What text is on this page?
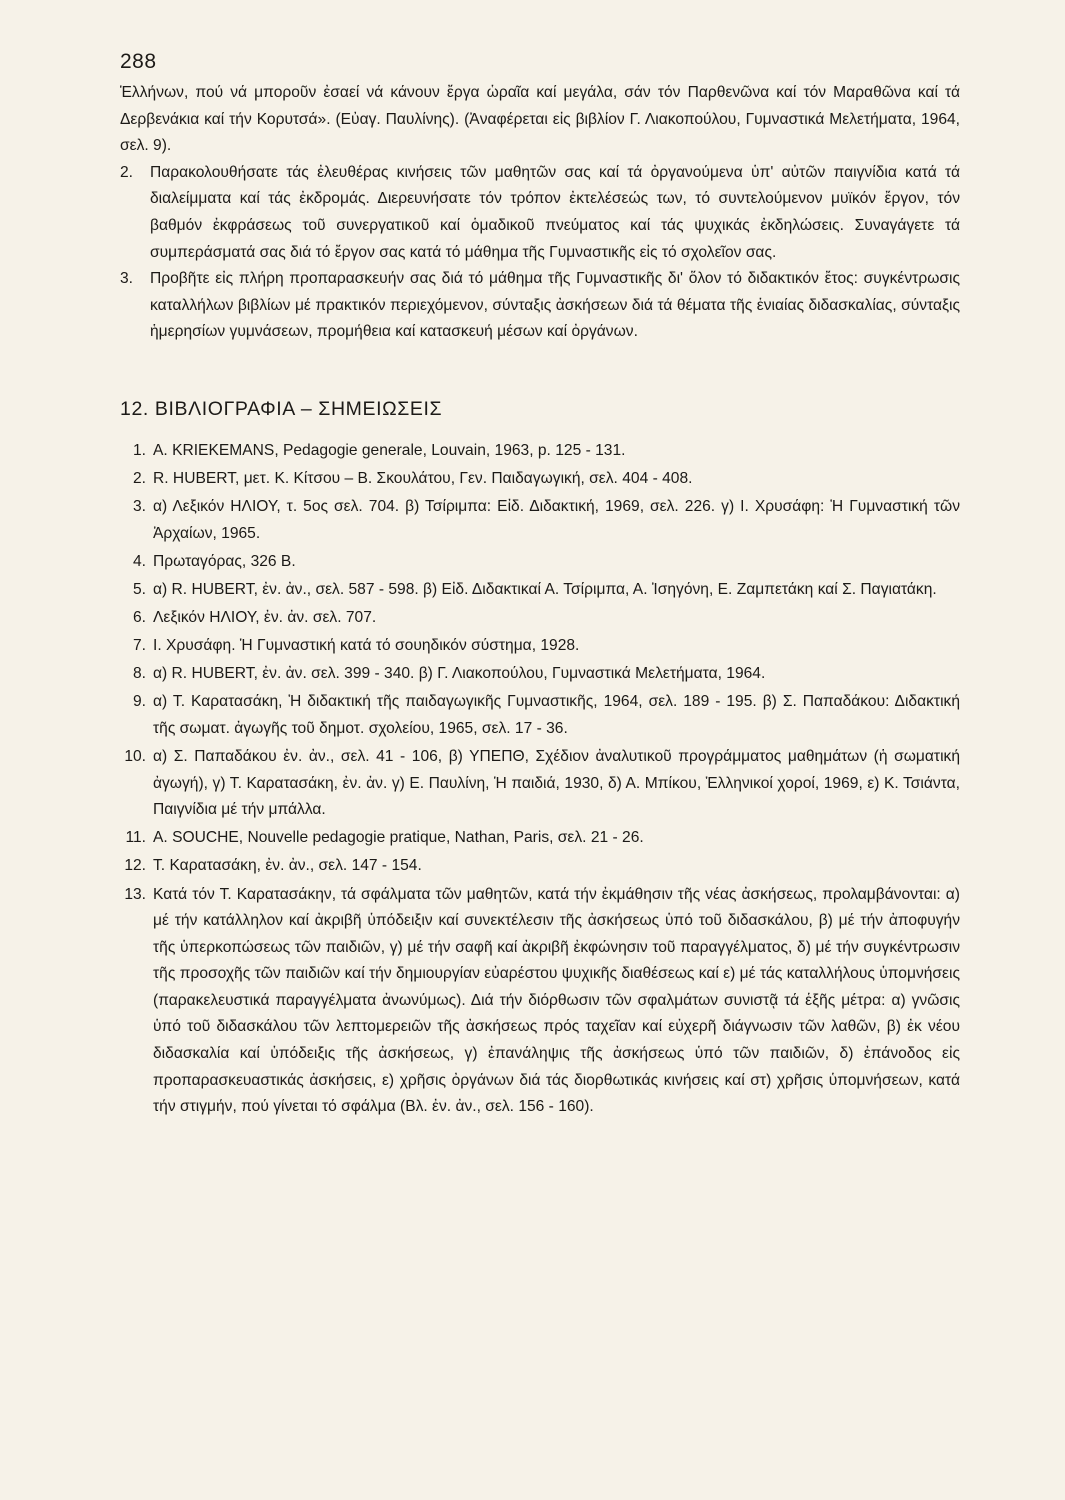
288

Ἑλλήνων, πού νά μποροῦν ἐσαεί νά κάνουν ἔργα ὡραῖα καί μεγάλα, σάν τόν Παρθενῶνα καί τόν Μαραθῶνα καί τά Δερβενάκια καί τήν Κορυτσά». (Εὐαγ. Παυλίνης). (Ἀναφέρεται εἰς βιβλίον Γ. Λιακοπούλου, Γυμναστικά Μελετήματα, 1964, σελ. 9).

2. Παρακολουθήσατε τάς ἐλευθέρας κινήσεις τῶν μαθητῶν σας καί τά ὀργανούμενα ὑπ' αὐτῶν παιγνίδια κατά τά διαλείμματα καί τάς ἐκδρομάς. Διερευνήσατε τόν τρόπον ἐκτελέσεώς των, τό συντελούμενον μυϊκόν ἔργον, τόν βαθμόν ἐκφράσεως τοῦ συνεργατικοῦ καί ὁμαδικοῦ πνεύματος καί τάς ψυχικάς ἐκδηλώσεις. Συναγάγετε τά συμπεράσματά σας διά τό ἔργον σας κατά τό μάθημα τῆς Γυμναστικῆς εἰς τό σχολεῖον σας.
3. Προβῆτε εἰς πλήρη προπαρασκευήν σας διά τό μάθημα τῆς Γυμναστικῆς δι' ὅλον τό διδακτικόν ἔτος: συγκέντρωσις καταλλήλων βιβλίων μέ πρακτικόν περιεχόμενον, σύνταξις ἀσκήσεων διά τά θέματα τῆς ἑνιαίας διδασκαλίας, σύνταξις ἡμερησίων γυμνάσεων, προμήθεια καί κατασκευή μέσων καί ὀργάνων.
12. ΒΙΒΛΙΟΓΡΑΦΙΑ – ΣΗΜΕΙΩΣΕΙΣ
1. Α. KRIEKEMANS, Pedagogie generale, Louvain, 1963, p. 125 - 131.
2. R. HUBERT, μετ. Κ. Κίτσου – Β. Σκουλάτου, Γεν. Παιδαγωγική, σελ. 404 - 408.
3. α) Λεξικόν ΗΛΙΟΥ, τ. 5ος σελ. 704. β) Τσίριμπα: Εἰδ. Διδακτική, 1969, σελ. 226. γ) Ι. Χρυσάφη: Ἡ Γυμναστική τῶν Ἀρχαίων, 1965.
4. Πρωταγόρας, 326 Β.
5. α) R. HUBERT, ἐν. ἀν., σελ. 587 - 598. β) Εἰδ. Διδακτικαί Α. Τσίριμπα, Α. Ἰσηγόνη, Ε. Ζαμπετάκη καί Σ. Παγιατάκη.
6. Λεξικόν ΗΛΙΟΥ, ἐν. ἀν. σελ. 707.
7. Ι. Χρυσάφη. Ἡ Γυμναστική κατά τό σουηδικόν σύστημα, 1928.
8. α) R. HUBERT, ἐν. ἀν. σελ. 399 - 340. β) Γ. Λιακοπούλου, Γυμναστικά Μελετήματα, 1964.
9. α) Τ. Καρατασάκη, Ἡ διδακτική τῆς παιδαγωγικῆς Γυμναστικῆς, 1964, σελ. 189 - 195. β) Σ. Παπαδάκου: Διδακτική τῆς σωματ. ἀγωγῆς τοῦ δημοτ. σχολείου, 1965, σελ. 17 - 36.
10. α) Σ. Παπαδάκου ἐν. ἀν., σελ. 41 - 106, β) ΥΠΕΠΘ, Σχέδιον ἀναλυτικοῦ προγράμματος μαθημάτων (ἡ σωματική ἀγωγή), γ) Τ. Καρατασάκη, ἐν. ἀν. γ) Ε. Παυλίνη, Ἡ παιδιά, 1930, δ) Α. Μπίκου, Ἑλληνικοί χοροί, 1969, ε) Κ. Τσιάντα, Παιγνίδια μέ τήν μπάλλα.
11. A. SOUCHE, Nouvelle pedagogie pratique, Nathan, Paris, σελ. 21 - 26.
12. Τ. Καρατασάκη, ἐν. ἀν., σελ. 147 - 154.
13. Κατά τόν Τ. Καρατασάκην, τά σφάλματα τῶν μαθητῶν, κατά τήν ἐκμάθησιν τῆς νέας ἀσκήσεως, προλαμβάνονται: α) μέ τήν κατάλληλον καί ἀκριβῆ ὑπόδειξιν καί συνεκτέλεσιν τῆς ἀσκήσεως ὑπό τοῦ διδασκάλου, β) μέ τήν ἀποφυγήν τῆς ὑπερκοπώσεως τῶν παιδιῶν, γ) μέ τήν σαφῆ καί ἀκριβῆ ἐκφώνησιν τοῦ παραγγέλματος, δ) μέ τήν συγκέντρωσιν τῆς προσοχῆς τῶν παιδιῶν καί τήν δημιουργίαν εὐαρέστου ψυχικῆς διαθέσεως καί ε) μέ τάς καταλλήλους ὑπομνήσεις (παρακελευστικά παραγγέλματα ἀνωνύμως). Διά τήν διόρθωσιν τῶν σφαλμάτων συνιστᾷ τά ἑξῆς μέτρα: α) γνῶσις ὑπό τοῦ διδασκάλου τῶν λεπτομερειῶν τῆς ἀσκήσεως πρός ταχεῖαν καί εὐχερῆ διάγνωσιν τῶν λαθῶν, β) ἐκ νέου διδασκαλία καί ὑπόδειξις τῆς ἀσκήσεως, γ) ἐπανάληψις τῆς ἀσκήσεως ὑπό τῶν παιδιῶν, δ) ἐπάνοδος εἰς προπαρασκευαστικάς ἀσκήσεις, ε) χρῆσις ὀργάνων διά τάς διορθωτικάς κινήσεις καί στ) χρῆσις ὑπομνήσεων, κατά τήν στιγμήν, πού γίνεται τό σφάλμα (Βλ. ἐν. ἀν., σελ. 156 - 160).
